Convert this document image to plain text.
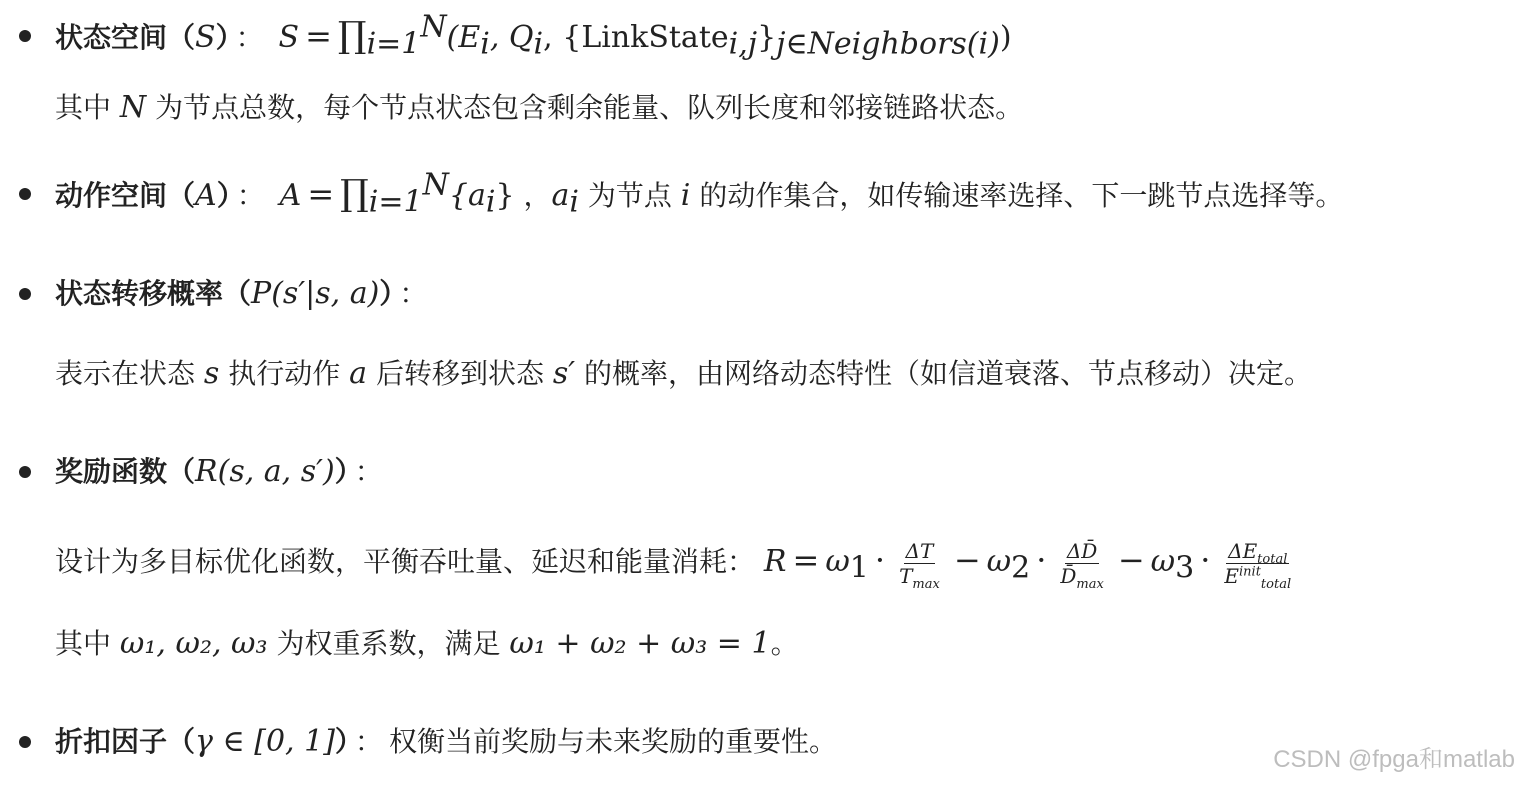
状态空间（S） ： $S = \prod_{i=1}^N(E_i$, $Q_i$, $\{LinkState_{i,j}\}_{j\in Neighbors(i)}$)
其中 N 为节点总数，每个节点状态包含剩余能量、队列长度和邻接链路状态。
动作空间（A） ： $A = \prod_{i=1}^N\{a_i\}$ ，$a_i$ 为节点 i 的动作集合，如传输速率选择、下一跳节点选择等。
状态转移概率（P(s′|s, a)） ：
表示在状态 s 执行动作 a 后转移到状态 s′ 的概率，由网络动态特性（如信道衰落、节点移动）决定。
奖励函数（R(s, a, s′)） ：
设计为多目标优化函数，平衡吞吐量、延迟和能量消耗： $R = \omega_1 \cdot \frac{\Delta T}{T_{max}} - \omega_2 \cdot \frac{\Delta D̄}{D̄_{max}} - \omega_3 \cdot \frac{\Delta E_{total}}{E^{init}_{total}}$
其中 ω₁, ω₂, ω₃ 为权重系数，满足 ω₁ + ω₂ + ω₃ = 1。
折扣因子（γ ∈ [0, 1]） ： 权衡当前奖励与未来奖励的重要性。
CSDN @fpga和matlab
